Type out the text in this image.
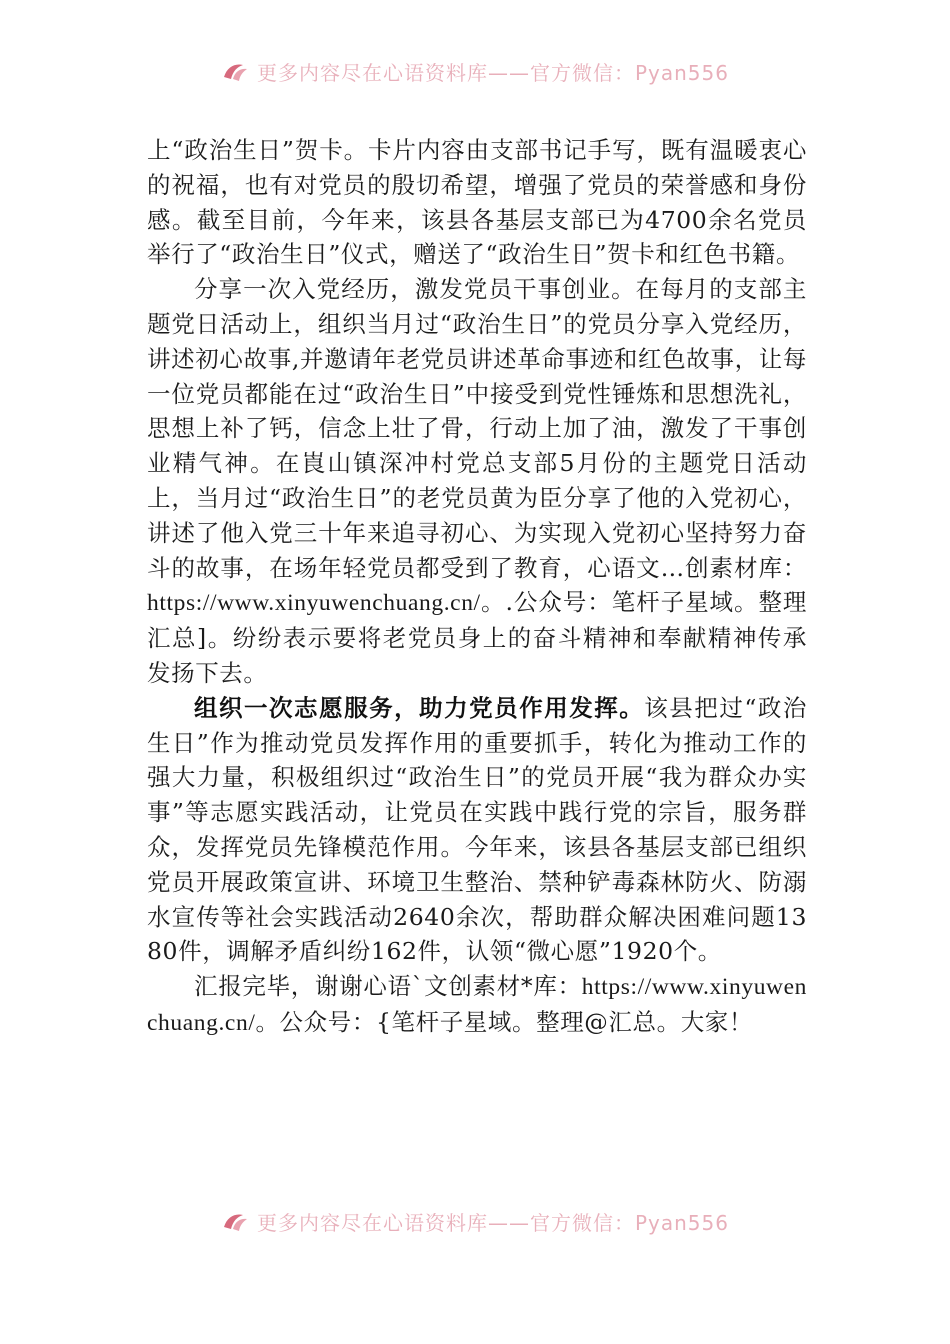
更多内容尽在心语资料库——官方微信：Pyan556

上“政治生日”贺卡。卡片内容由支部书记手写，既有温暖衷心的祝福，也有对党员的殷切希望，增强了党员的荣誉感和身份感。截至目前，今年来，该县各基层支部已为4700余名党员举行了“政治生日”仪式，赠送了“政治生日”贺卡和红色书籍。

分享一次入党经历，激发党员干事创业。在每月的支部主题党日活动上，组织当月过“政治生日”的党员分享入党经历，讲述初心故事,并邀请年老党员讲述革命事迹和红色故事，让每一位党员都能在过“政治生日”中接受到党性锤炼和思想洗礼，思想上补了钙，信念上壮了骨，行动上加了油，激发了干事创业精气神。在崀山镇深冲村党总支部5月份的主题党日活动上，当月过“政治生日”的老党员黄为臣分享了他的入党初心，讲述了他入党三十年来追寻初心、为实现入党初心坚持努力奋斗的故事，在场年轻党员都受到了教育，心语文…创素材库：https://www.xinyuwenchuang.cn/。.公众号：笔杆子星域。整理汇总]。纷纷表示要将老党员身上的奋斗精神和奉献精神传承发扬下去。

组织一次志愿服务，助力党员作用发挥。该县把过“政治生日”作为推动党员发挥作用的重要抓手，转化为推动工作的强大力量，积极组织过“政治生日”的党员开展“我为群众办实事”等志愿实践活动，让党员在实践中践行党的宗旨，服务群众，发挥党员先锋模范作用。今年来，该县各基层支部已组织党员开展政策宣讲、环境卫生整治、禁种铲毒森林防火、防溺水宣传等社会实践活动2640余次，帮助群众解决困难问题1380件，调解矛盾纠纷162件，认领“微心愿”1920个。

汇报完毕，谢谢心语`文创素材*库：https://www.xinyuwenchuang.cn/。公众号：{笔杆子星域。整理@汇总。大家！

更多内容尽在心语资料库——官方微信：Pyan556
